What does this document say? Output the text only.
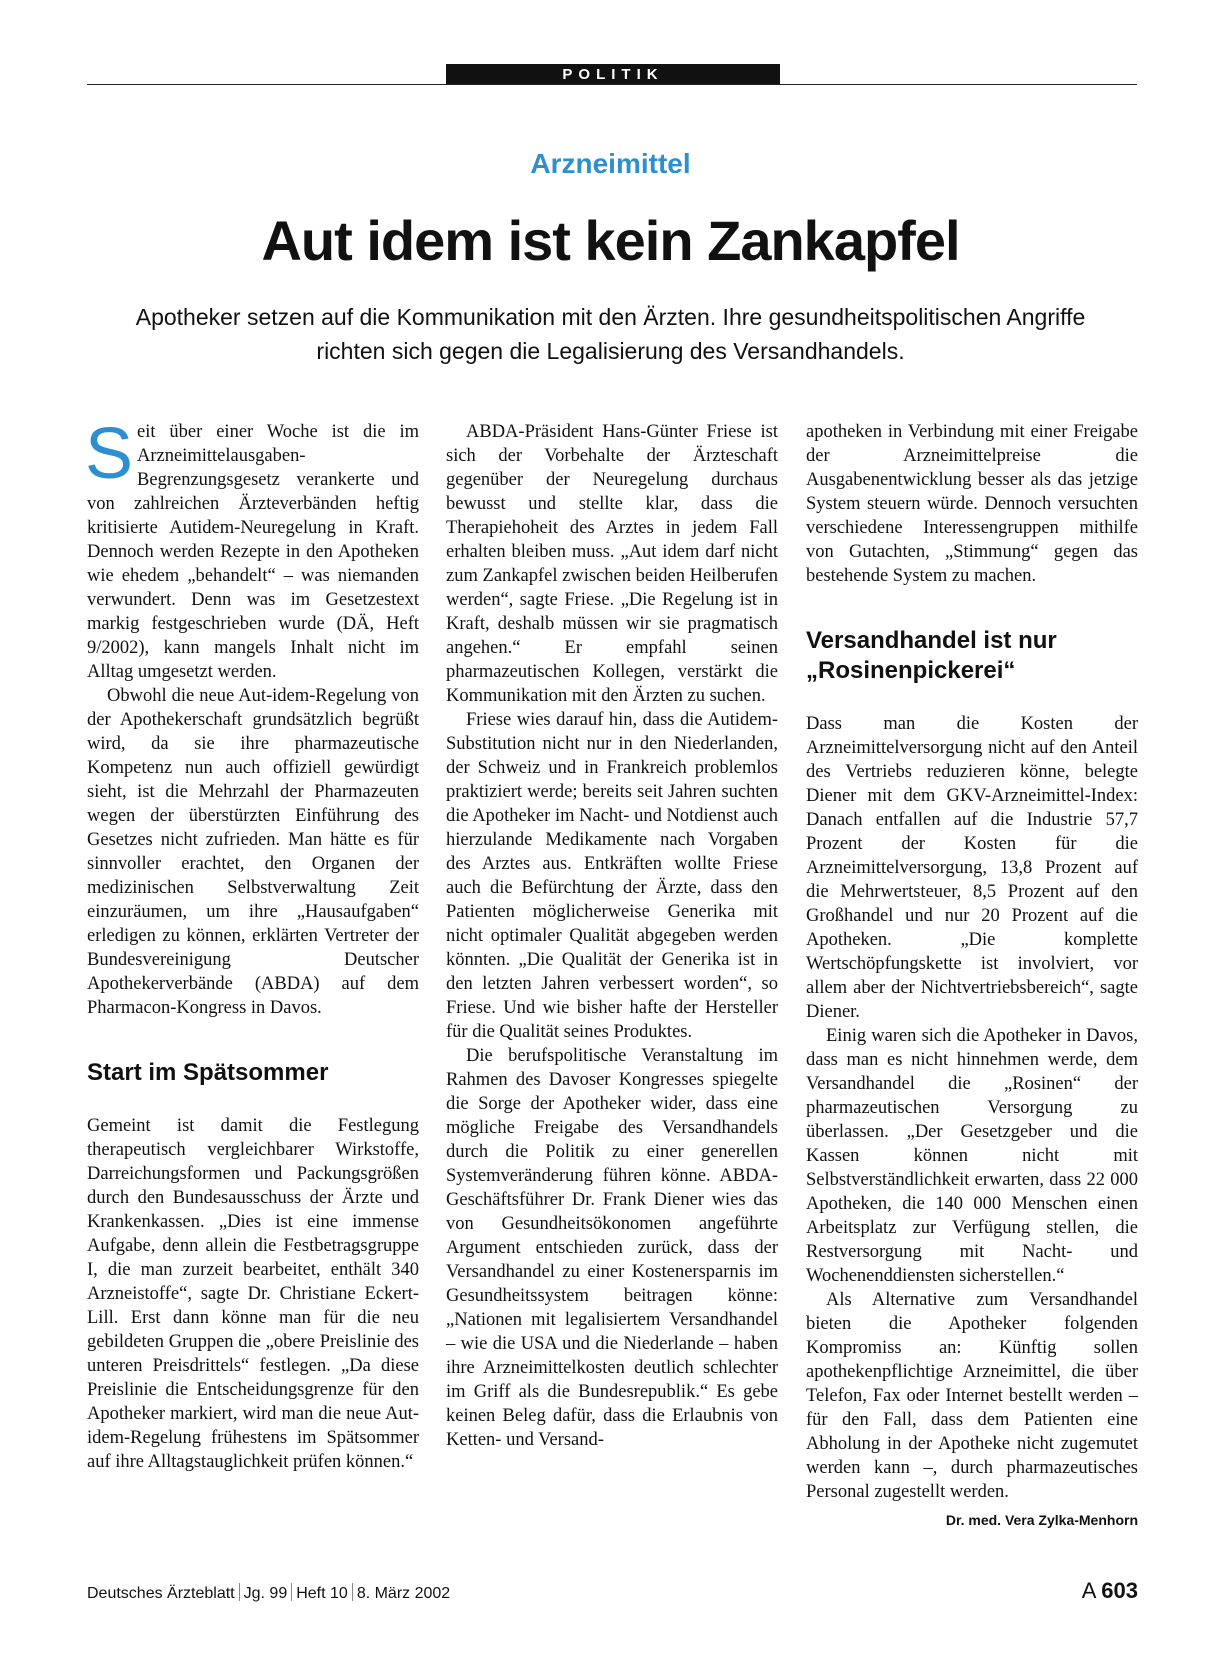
POLITIK
Arzneimittel
Aut idem ist kein Zankapfel
Apotheker setzen auf die Kommunikation mit den Ärzten. Ihre gesundheitspolitischen Angriffe richten sich gegen die Legalisierung des Versandhandels.

Seit über einer Woche ist die im Arzneimittelausgaben-Begrenzungsgesetz verankerte und von zahlreichen Ärzteverbänden heftig kritisierte Autidem-Neuregelung in Kraft. Dennoch werden Rezepte in den Apotheken wie ehedem „behandelt“ – was niemanden verwundert. Denn was im Gesetzestext markig festgeschrieben wurde (DÄ, Heft 9/2002), kann mangels Inhalt nicht im Alltag umgesetzt werden.

Obwohl die neue Aut-idem-Regelung von der Apothekerschaft grundsätzlich begrüßt wird, da sie ihre pharmazeutische Kompetenz nun auch offiziell gewürdigt sieht, ist die Mehrzahl der Pharmazeuten wegen der überstürzten Einführung des Gesetzes nicht zufrieden. Man hätte es für sinnvoller erachtet, den Organen der medizinischen Selbstverwaltung Zeit einzuräumen, um ihre „Hausaufgaben“ erledigen zu können, erklärten Vertreter der Bundesvereinigung Deutscher Apothekerverbände (ABDA) auf dem Pharmacon-Kongress in Davos.

Start im Spätsommer

Gemeint ist damit die Festlegung therapeutisch vergleichbarer Wirkstoffe, Darreichungsformen und Packungsgrößen durch den Bundesausschuss der Ärzte und Krankenkassen. „Dies ist eine immense Aufgabe, denn allein die Festbetragsgruppe I, die man zurzeit bearbeitet, enthält 340 Arzneistoffe“, sagte Dr. Christiane Eckert-Lill. Erst dann könne man für die neu gebildeten Gruppen die „obere Preislinie des unteren Preisdrittels“ festlegen. „Da diese Preislinie die Entscheidungsgrenze für den Apotheker markiert, wird man die neue Aut-idem-Regelung frühestens im Spätsommer auf ihre Alltagstauglichkeit prüfen können.“

ABDA-Präsident Hans-Günter Friese ist sich der Vorbehalte der Ärzteschaft gegenüber der Neuregelung durchaus bewusst und stellte klar, dass die Therapiehoheit des Arztes in jedem Fall erhalten bleiben muss. „Aut idem darf nicht zum Zankapfel zwischen beiden Heilberufen werden“, sagte Friese. „Die Regelung ist in Kraft, deshalb müssen wir sie pragmatisch angehen.“ Er empfahl seinen pharmazeutischen Kollegen, verstärkt die Kommunikation mit den Ärzten zu suchen.

Friese wies darauf hin, dass die Autidem-Substitution nicht nur in den Niederlanden, der Schweiz und in Frankreich problemlos praktiziert werde; bereits seit Jahren suchten die Apotheker im Nacht- und Notdienst auch hierzulande Medikamente nach Vorgaben des Arztes aus. Entkräften wollte Friese auch die Befürchtung der Ärzte, dass den Patienten möglicherweise Generika mit nicht optimaler Qualität abgegeben werden könnten. „Die Qualität der Generika ist in den letzten Jahren verbessert worden“, so Friese. Und wie bisher hafte der Hersteller für die Qualität seines Produktes.

Die berufspolitische Veranstaltung im Rahmen des Davoser Kongresses spiegelte die Sorge der Apotheker wider, dass eine mögliche Freigabe des Versandhandels durch die Politik zu einer generellen Systemveränderung führen könne. ABDA-Geschäftsführer Dr. Frank Diener wies das von Gesundheitsökonomen angeführte Argument entschieden zurück, dass der Versandhandel zu einer Kostenersparnis im Gesundheitssystem beitragen könne: „Nationen mit legalisiertem Versandhandel – wie die USA und die Niederlande – haben ihre Arzneimittelkosten deutlich schlechter im Griff als die Bundesrepublik.“ Es gebe keinen Beleg dafür, dass die Erlaubnis von Ketten- und Versand-

apotheken in Verbindung mit einer Freigabe der Arzneimittelpreise die Ausgabenentwicklung besser als das jetzige System steuern würde. Dennoch versuchten verschiedene Interessengruppen mithilfe von Gutachten, „Stimmung“ gegen das bestehende System zu machen.

Versandhandel ist nur „Rosinenpickerei“

Dass man die Kosten der Arzneimittelversorgung nicht auf den Anteil des Vertriebs reduzieren könne, belegte Diener mit dem GKV-Arzneimittel-Index: Danach entfallen auf die Industrie 57,7 Prozent der Kosten für die Arzneimittelversorgung, 13,8 Prozent auf die Mehrwertsteuer, 8,5 Prozent auf den Großhandel und nur 20 Prozent auf die Apotheken. „Die komplette Wertschöpfungskette ist involviert, vor allem aber der Nichtvertriebsbereich“, sagte Diener.

Einig waren sich die Apotheker in Davos, dass man es nicht hinnehmen werde, dem Versandhandel die „Rosinen“ der pharmazeutischen Versorgung zu überlassen. „Der Gesetzgeber und die Kassen können nicht mit Selbstverständlichkeit erwarten, dass 22 000 Apotheken, die 140 000 Menschen einen Arbeitsplatz zur Verfügung stellen, die Restversorgung mit Nacht- und Wochenenddiensten sicherstellen.“

Als Alternative zum Versandhandel bieten die Apotheker folgenden Kompromiss an: Künftig sollen apothekenpflichtige Arzneimittel, die über Telefon, Fax oder Internet bestellt werden – für den Fall, dass dem Patienten eine Abholung in der Apotheke nicht zugemutet werden kann –, durch pharmazeutisches Personal zugestellt werden.
Dr. med. Vera Zylka-Menhorn

Deutsches Ärzteblatt Jg. 99 Heft 10 8. März 2002	A 603
